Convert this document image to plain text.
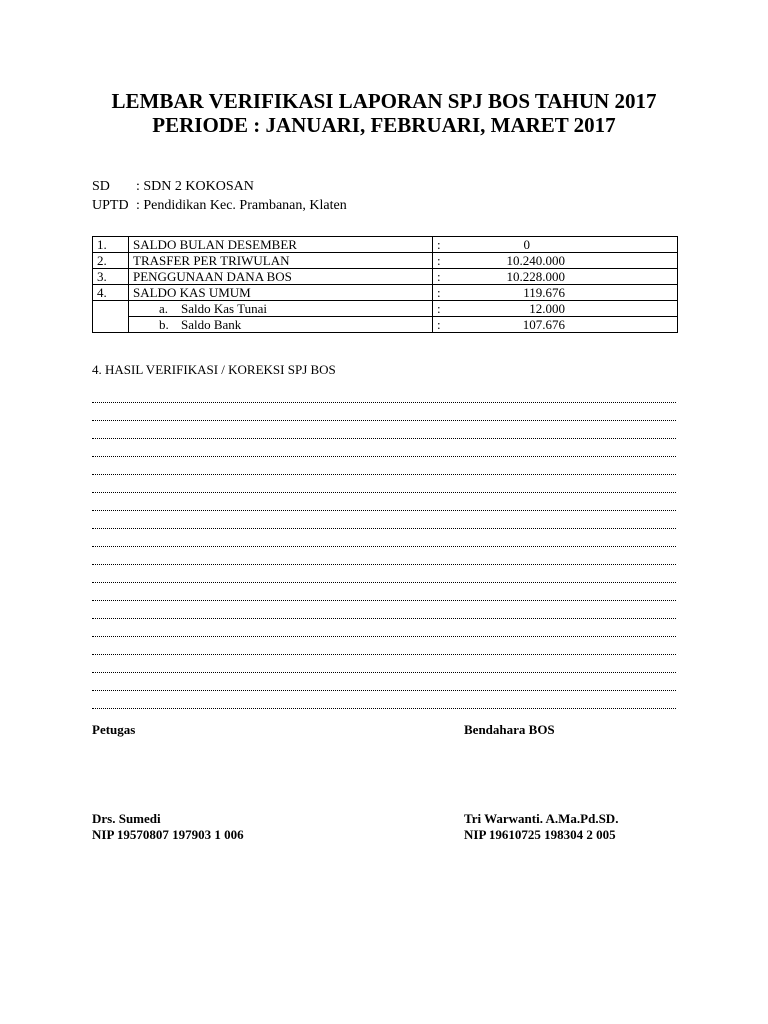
LEMBAR VERIFIKASI LAPORAN SPJ BOS TAHUN 2017
PERIODE : JANUARI, FEBRUARI, MARET 2017
SD : SDN 2 KOKOSAN
UPTD : Pendidikan Kec. Prambanan, Klaten
1.	SALDO BULAN DESEMBER	:	0
2.	TRASFER PER TRIWULAN	:	10.240.000
3.	PENGGUNAAN DANA BOS	:	10.228.000
4.	SALDO KAS UMUM	:	119.676
	a. Saldo Kas Tunai	:	12.000
	b. Saldo Bank	:	107.676
4. HASIL VERIFIKASI / KOREKSI SPJ BOS
Petugas	Bendahara BOS
Drs. Sumedi
NIP 19570807 197903 1 006
Tri Warwanti. A.Ma.Pd.SD.
NIP 19610725 198304 2 005
